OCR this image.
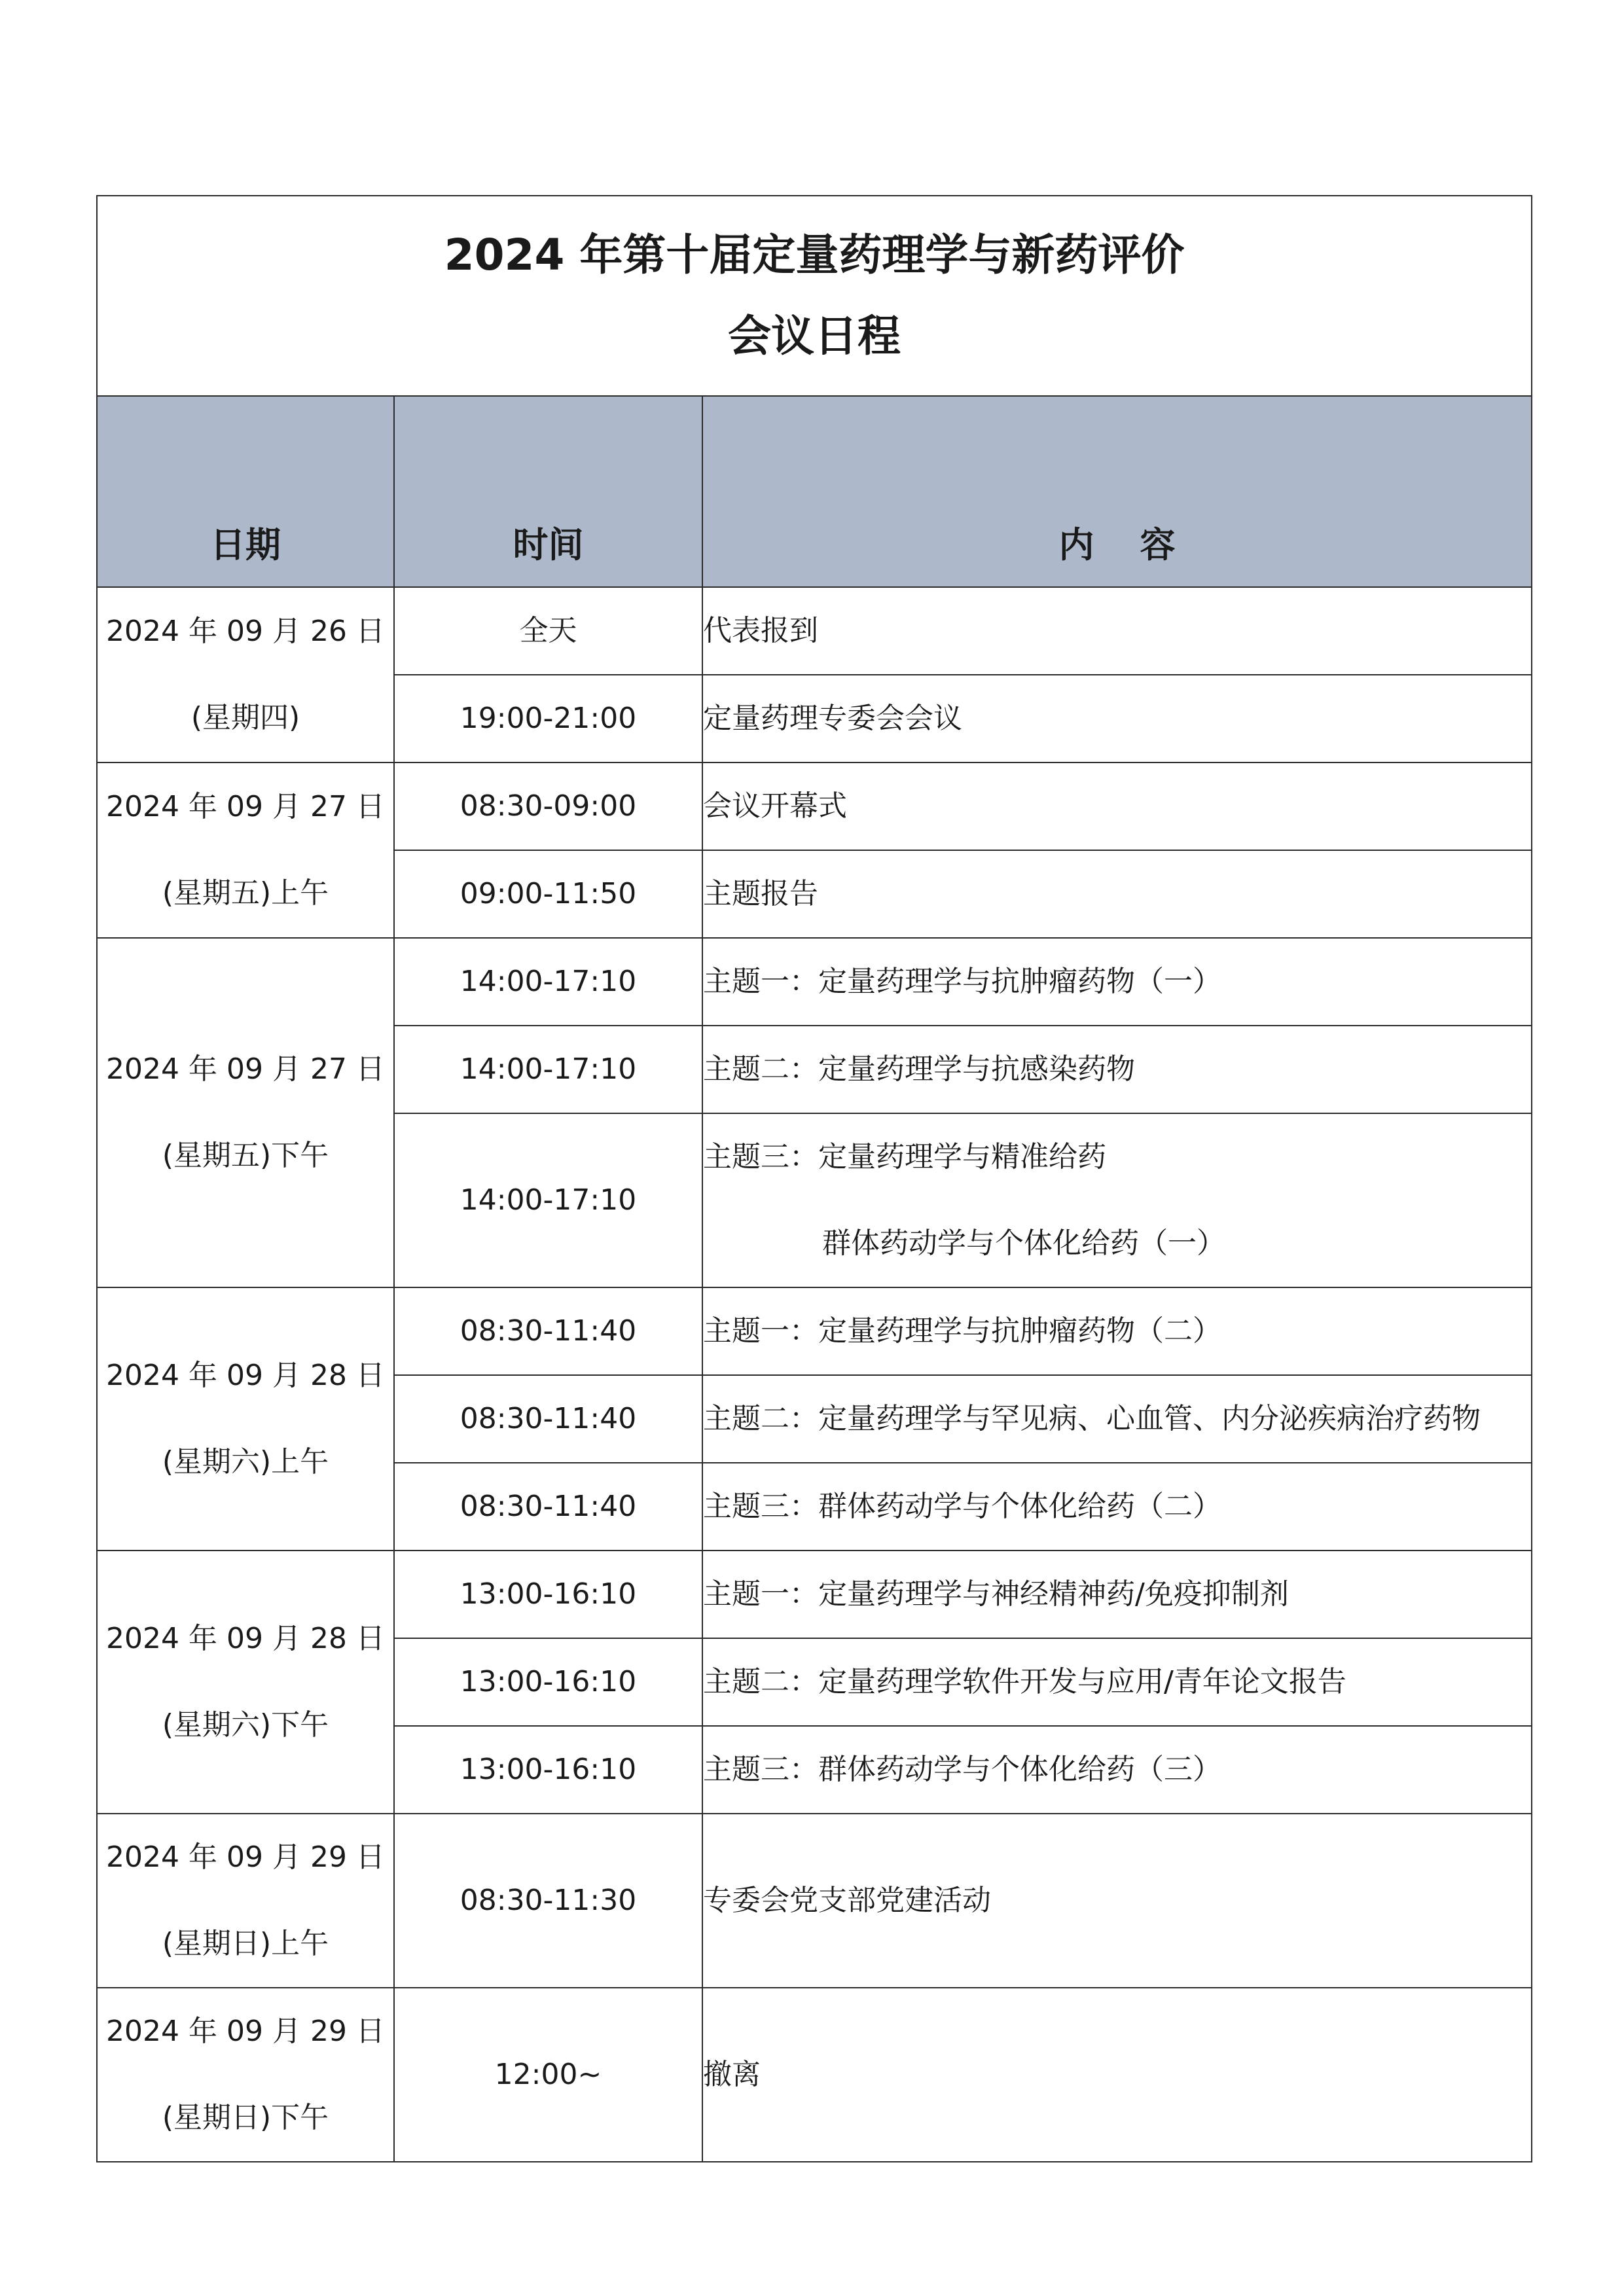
2024 年第十届定量药理学与新药评价
会议日程		

日期	时间	内 容

2024 年 09 月 26 日
(星期四)	全天	代表报到

	19:00-21:00	定量药理专委会会议

2024 年 09 月 27 日
(星期五)上午	08:30-09:00	会议开幕式

	09:00-11:50	主题报告

2024 年 09 月 27 日
(星期五)下午	14:00-17:10	主题一：定量药理学与抗肿瘤药物（一）

	14:00-17:10	主题二：定量药理学与抗感染药物

	14:00-17:10	主题三：定量药理学与精准给药
群体药动学与个体化给药（一）

2024 年 09 月 28 日
(星期六)上午	08:30-11:40	主题一：定量药理学与抗肿瘤药物（二）

	08:30-11:40	主题二：定量药理学与罕见病、心血管、内分泌疾病治疗药物

	08:30-11:40	主题三：群体药动学与个体化给药（二）

2024 年 09 月 28 日
(星期六)下午	13:00-16:10	主题一：定量药理学与神经精神药/免疫抑制剂

	13:00-16:10	主题二：定量药理学软件开发与应用/青年论文报告

	13:00-16:10	主题三：群体药动学与个体化给药（三）

2024 年 09 月 29 日
(星期日)上午	08:30-11:30	专委会党支部党建活动

2024 年 09 月 29 日
(星期日)下午	12:00~	撤离
